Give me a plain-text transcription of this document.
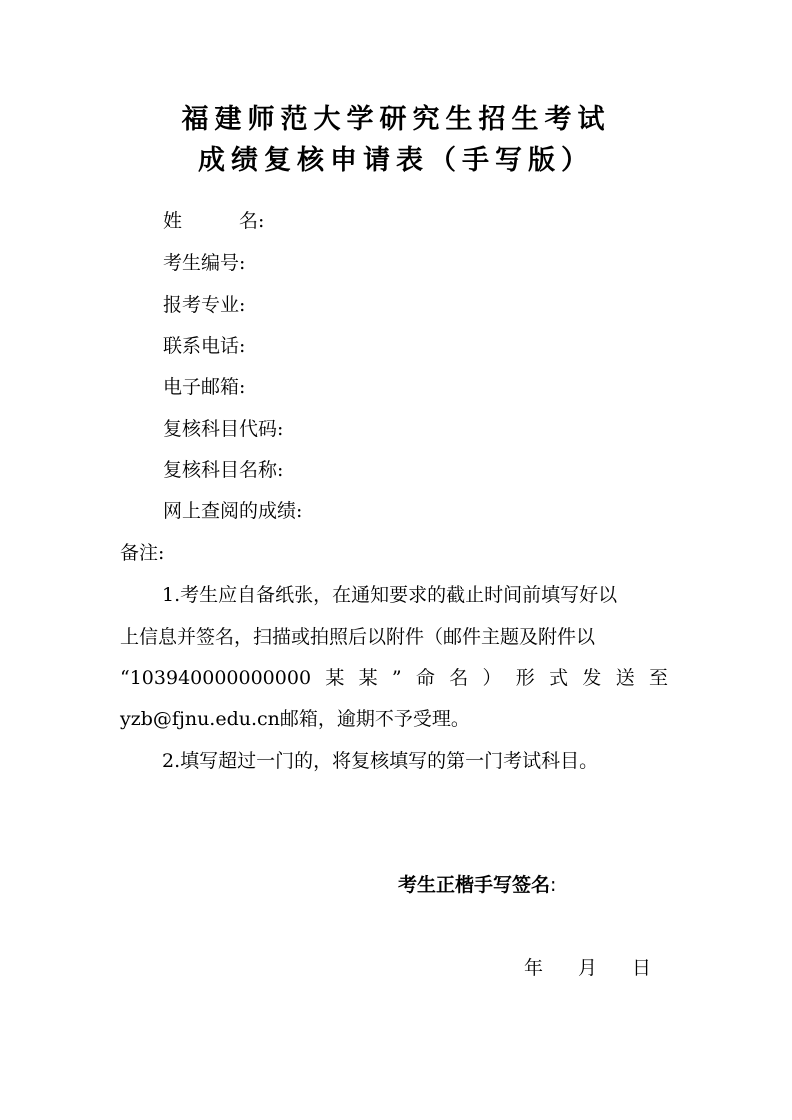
福建师范大学研究生招生考试
成绩复核申请表（手写版）
姓名:
考生编号:
报考专业:
联系电话:
电子邮箱:
复核科目代码:
复核科目名称:
网上查阅的成绩:
备注:
1.考生应自备纸张，在通知要求的截止时间前填写好以
上信息并签名，扫描或拍照后以附件（邮件主题及附件以
“103940000000000某某”命名）形式发送至
yzb@fjnu.edu.cn邮箱，逾期不予受理。
2.填写超过一门的，将复核填写的第一门考试科目。
考生正楷手写签名:
年 月 日
